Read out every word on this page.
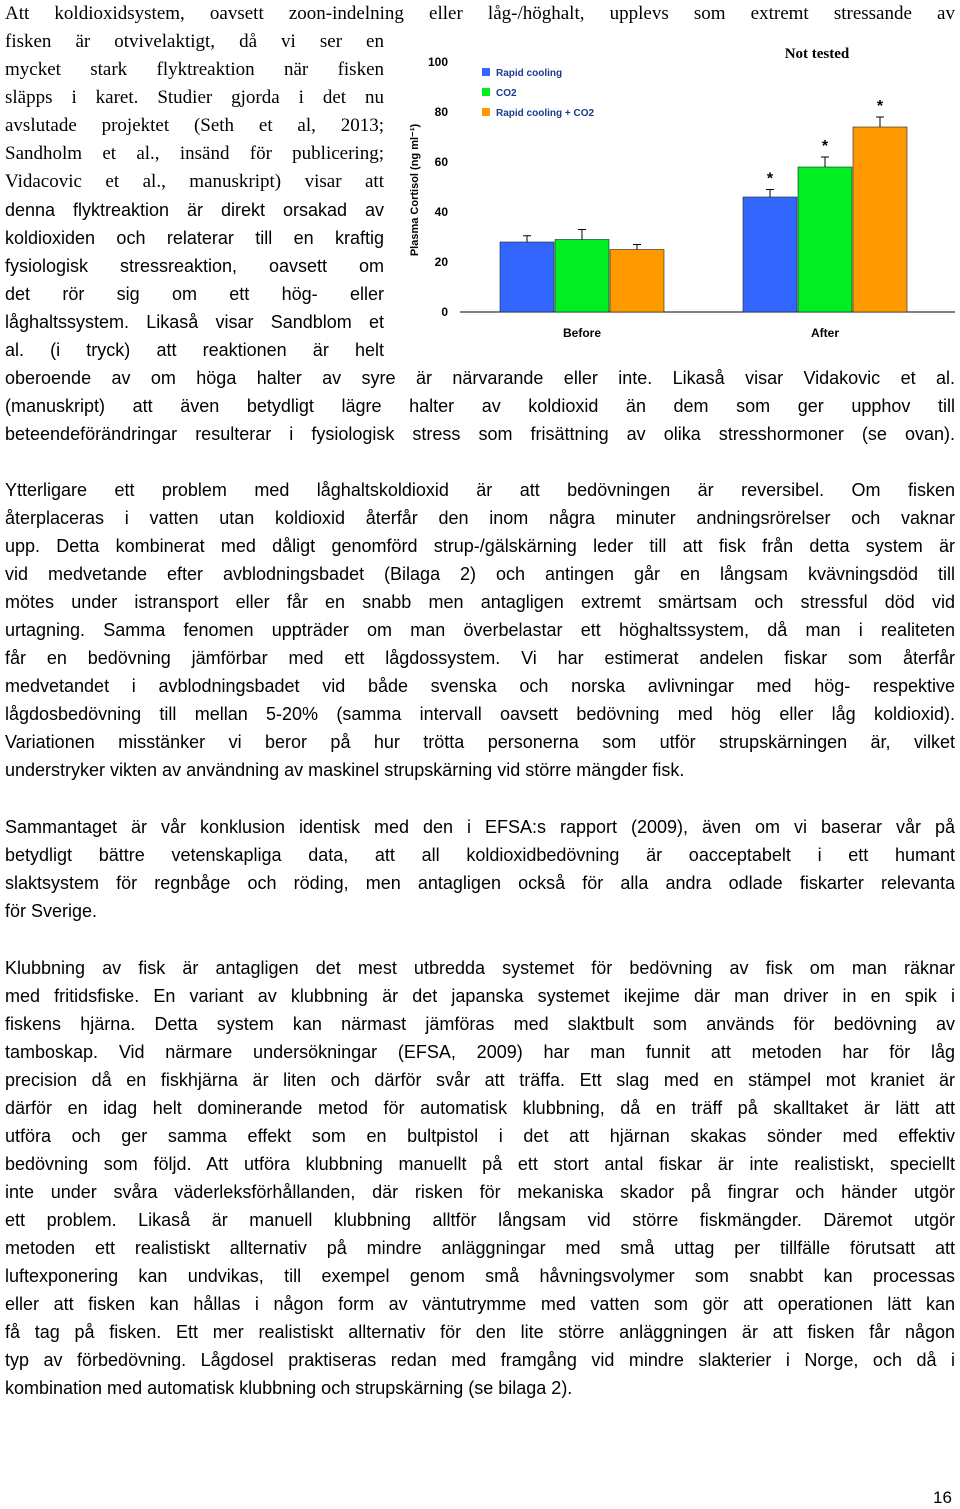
Att koldioxidsystem, oavsett zoon-indelning eller låg-/höghalt, upplevs som extremt stressande av
fisken är otvivelaktigt, då vi ser en
mycket stark flyktreaktion när fisken
släpps i karet. Studier gjorda i det nu
avslutade projektet (Seth et al, 2013;
Sandholm et al., insänd för publicering;
Vidacovic et al., manuskript) visar att
denna flyktreaktion är direkt orsakad av
koldioxiden och relaterar till en kraftig
fysiologisk stressreaktion, oavsett om
det rör sig om ett hög- eller
låghaltssystem. Likaså visar Sandblom et
al. (i tryck) att reaktionen är helt
oberoende av om höga halter av syre är närvarande eller inte. Likaså visar Vidakovic et al.
(manuskript) att även betydligt lägre halter av koldioxid än dem som ger upphov till
beteendeförändringar resulterar i fysiologisk stress som frisättning av olika stresshormoner (se ovan).
Ytterligare ett problem med låghaltskoldioxid är att bedövningen är reversibel. Om fisken
återplaceras i vatten utan koldioxid återfår den inom några minuter andningsrörelser och vaknar
upp. Detta kombinerat med dåligt genomförd strup-/gälskärning leder till att fisk från detta system är
vid medvetande efter avblodningsbadet (Bilaga 2) och antingen går en långsam kvävningsdöd till
mötes under istransport eller får en snabb men antagligen extremt smärtsam och stressful död vid
urtagning. Samma fenomen uppträder om man överbelastar ett höghaltssystem, då man i realiteten
får en bedövning jämförbar med ett lågdossystem. Vi har estimerat andelen fiskar som återfår
medvetandet i avblodningsbadet vid både svenska och norska avlivningar med hög- respektive
lågdosbedövning till mellan 5-20% (samma intervall oavsett bedövning med hög eller låg koldioxid).
Variationen misstänker vi beror på hur trötta personerna som utför strupskärningen är, vilket
understryker vikten av användning av maskinel strupskärning vid större mängder fisk.
Sammantaget är vår konklusion identisk med den i EFSA:s rapport (2009), även om vi baserar vår på
betydligt bättre vetenskapliga data, att all koldioxidbedövning är oacceptabelt i ett humant
slaktsystem för regnbåge och röding, men antagligen också för alla andra odlade fiskarter relevanta
för Sverige.
Klubbning av fisk är antagligen det mest utbredda systemet för bedövning av fisk om man räknar
med fritidsfiske. En variant av klubbning är det japanska systemet ikejime där man driver in en spik i
fiskens hjärna. Detta system kan närmast jämföras med slaktbult som används för bedövning av
tamboskap. Vid närmare undersökningar (EFSA, 2009) har man funnit att metoden har för låg
precision då en fiskhjärna är liten och därför svår att träffa. Ett slag med en stämpel mot kraniet är
därför en idag helt dominerande metod för automatisk klubbning, då en träff på skalltaket är lätt att
utföra och ger samma effekt som en bultpistol i det att hjärnan skakas sönder med effektiv
bedövning som följd. Att utföra klubbning manuellt på ett stort antal fiskar är inte realistiskt, speciellt
inte under svåra väderleksförhållanden, där risken för mekaniska skador på fingrar och händer utgör
ett problem. Likaså är manuell klubbning alltför långsam vid större fiskmängder. Däremot utgör
metoden ett realistiskt allternativ på mindre anläggningar med små uttag per tillfälle förutsatt att
luftexponering kan undvikas, till exempel genom små håvningsvolymer som snabbt kan processas
eller att fisken kan hållas i någon form av väntutrymme med vatten som gör att operationen lätt kan
få tag på fisken. Ett mer realistiskt allternativ för den lite större anläggningen är att fisken får någon
typ av förbedövning. Lågdosel praktiseras redan med framgång vid mindre slakterier i Norge, och då i
kombination med automatisk klubbning och strupskärning (se bilaga 2).
Plasma Cortisol (ng ml⁻¹)
0
20
40
60
80
100
*
*
*
Before	After
Rapid cooling
CO2
Rapid cooling + CO2
Not tested
16
